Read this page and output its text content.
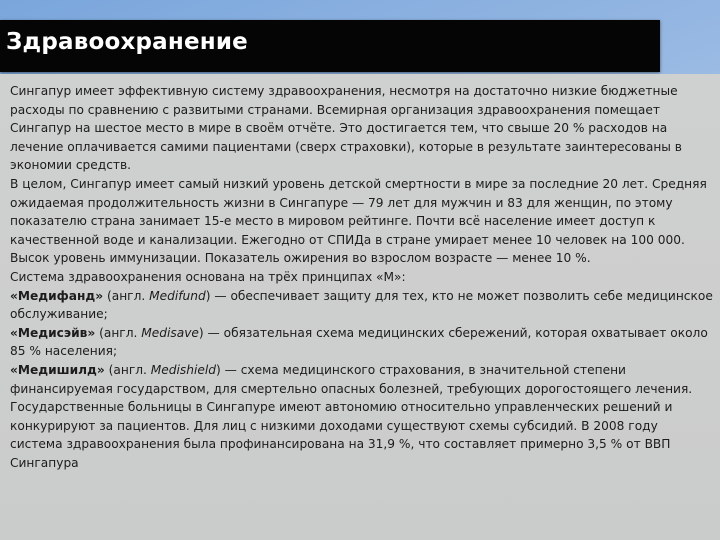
Здравоохранение

Сингапур имеет эффективную систему здравоохранения, несмотря на достаточно низкие бюджетные расходы по сравнению с развитыми странами. Всемирная организация здравоохранения помещает Сингапур на шестое место в мире в своём отчёте. Это достигается тем, что свыше 20 % расходов на лечение оплачивается самими пациентами (сверх страховки), которые в результате заинтересованы в экономии средств.

В целом, Сингапур имеет самый низкий уровень детской смертности в мире за последние 20 лет. Средняя ожидаемая продолжительность жизни в Сингапуре — 79 лет для мужчин и 83 для женщин, по этому показателю страна занимает 15-е место в мировом рейтинге. Почти всё население имеет доступ к качественной воде и канализации. Ежегодно от СПИДа в стране умирает менее 10 человек на 100 000. Высок уровень иммунизации. Показатель ожирения во взрослом возрасте — менее 10 %.

Система здравоохранения основана на трёх принципах «М»:

«Медифанд» (англ. Medifund) — обеспечивает защиту для тех, кто не может позволить себе медицинское обслуживание;

«Медисэйв» (англ. Medisave) — обязательная схема медицинских сбережений, которая охватывает около 85 % населения;

«Медишилд» (англ. Medishield) — схема медицинского страхования, в значительной степени финансируемая государством, для смертельно опасных болезней, требующих дорогостоящего лечения.

Государственные больницы в Сингапуре имеют автономию относительно управленческих решений и конкурируют за пациентов. Для лиц с низкими доходами существуют схемы субсидий. В 2008 году система здравоохранения была профинансирована на 31,9 %, что составляет примерно 3,5 % от ВВП Сингапура
